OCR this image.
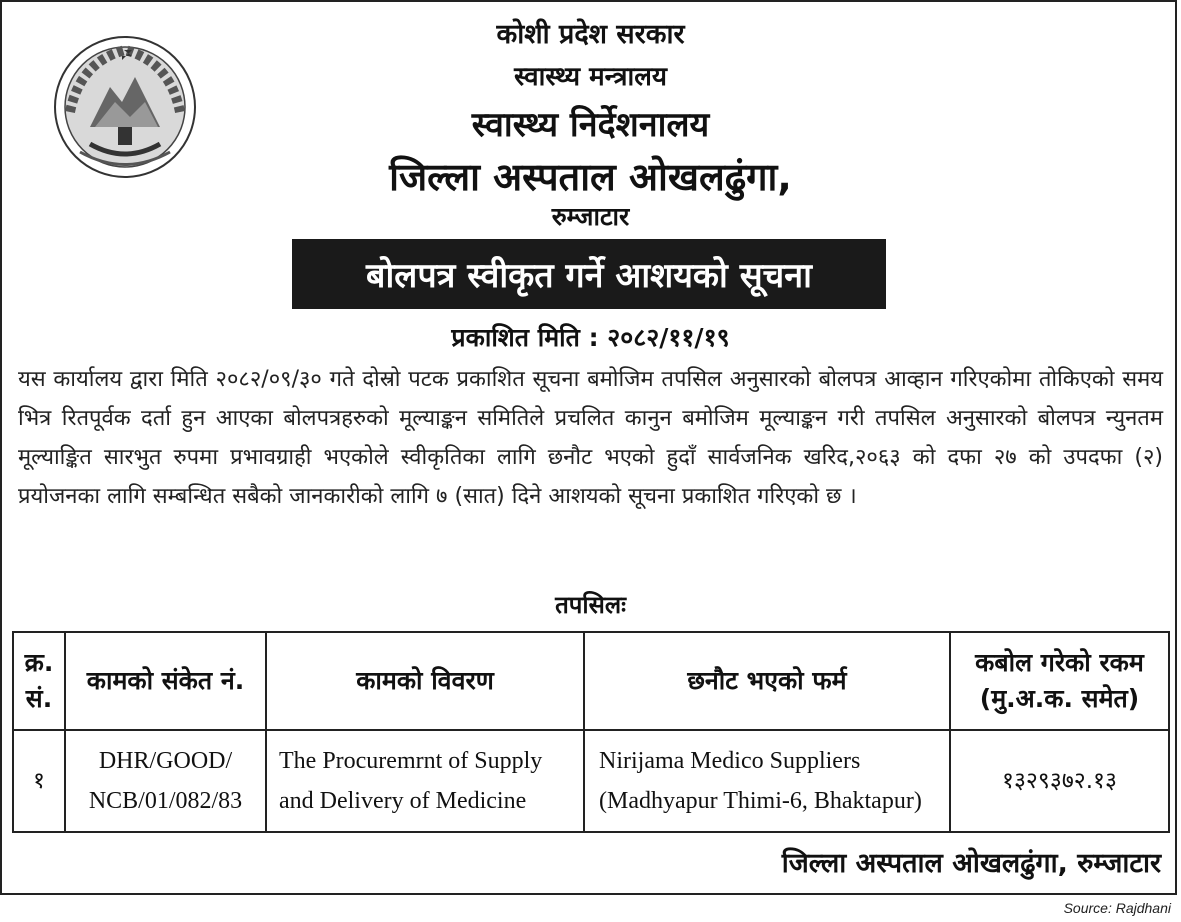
कोशी प्रदेश सरकार
स्वास्थ्य मन्त्रालय
स्वास्थ्य निर्देशनालय
जिल्ला अस्पताल ओखलढुंगा,
रुम्जाटार
बोलपत्र स्वीकृत गर्ने आशयको सूचना
प्रकाशित मिति : २०८२/११/१९
यस कार्यालय द्वारा मिति २०८२/०९/३० गते दोस्रो पटक प्रकाशित सूचना बमोजिम तपसिल अनुसारको बोलपत्र आव्हान गरिएकोमा तोकिएको समय भित्र रितपूर्वक दर्ता हुन आएका बोलपत्रहरुको मूल्याङ्कन समितिले प्रचलित कानुन बमोजिम मूल्याङ्कन गरी तपसिल अनुसारको बोलपत्र न्युनतम मूल्याङ्कित सारभुत रुपमा प्रभावग्राही भएकोले स्वीकृतिका लागि छनौट भएको हुदाँ सार्वजनिक खरिद,२०६३ को दफा २७ को उपदफा (२) प्रयोजनका लागि सम्बन्धित सबैको जानकारीको लागि ७ (सात) दिने आशयको सूचना प्रकाशित गरिएको छ ।
तपसिलः
क्र. सं.	कामको संकेत नं.	कामको विवरण	छनौट भएको फर्म	कबोल गरेको रकम (मु.अ.क. समेत)
१	DHR/GOOD/ NCB/01/082/83	The Procuremrnt of Supply and Delivery of Medicine	Nirijama Medico Suppliers (Madhyapur Thimi-6, Bhaktapur)	१३२९३७२.१३
जिल्ला अस्पताल ओखलढुंगा, रुम्जाटार
Source: Rajdhani
